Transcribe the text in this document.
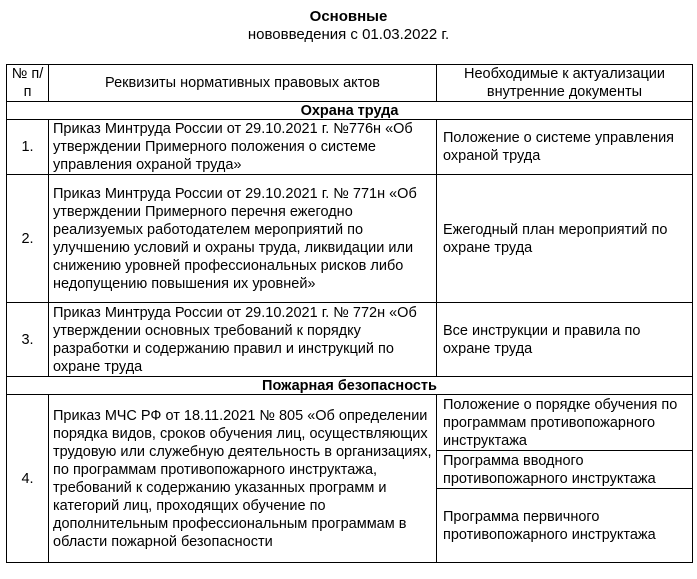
Основные
нововведения с 01.03.2022 г.
№ п/п	Реквизиты нормативных правовых актов	Необходимые к актуализации внутренние документы
Охрана труда		
1.	Приказ Минтруда России от 29.10.2021 г. №776н «Об утверждении Примерного положения о системе управления охраной труда»	Положение о системе управления охраной труда
2.	Приказ Минтруда России от 29.10.2021 г. № 771н «Об утверждении Примерного перечня ежегодно реализуемых работодателем мероприятий по улучшению условий и охраны труда, ликвидации или снижению уровней профессиональных рисков либо недопущению повышения их уровней»	Ежегодный план мероприятий по охране труда
3.	Приказ Минтруда России от 29.10.2021 г. № 772н «Об утверждении основных требований к порядку разработки и содержанию правил и инструкций по охране труда	Все инструкции и правила по охране труда
Пожарная безопасность		
4.	Приказ МЧС РФ от 18.11.2021 № 805 «Об определении порядка видов, сроков обучения лиц, осуществляющих трудовую или служебную деятельность в организациях, по программам противопожарного инструктажа, требований к содержанию указанных программ и категорий лиц, проходящих обучение по дополнительным профессиональным программам в области пожарной безопасности	Положение о порядке обучения по программам противопожарного инструктажа
		Программа вводного противопожарного инструктажа
		Программа первичного противопожарного инструктажа
